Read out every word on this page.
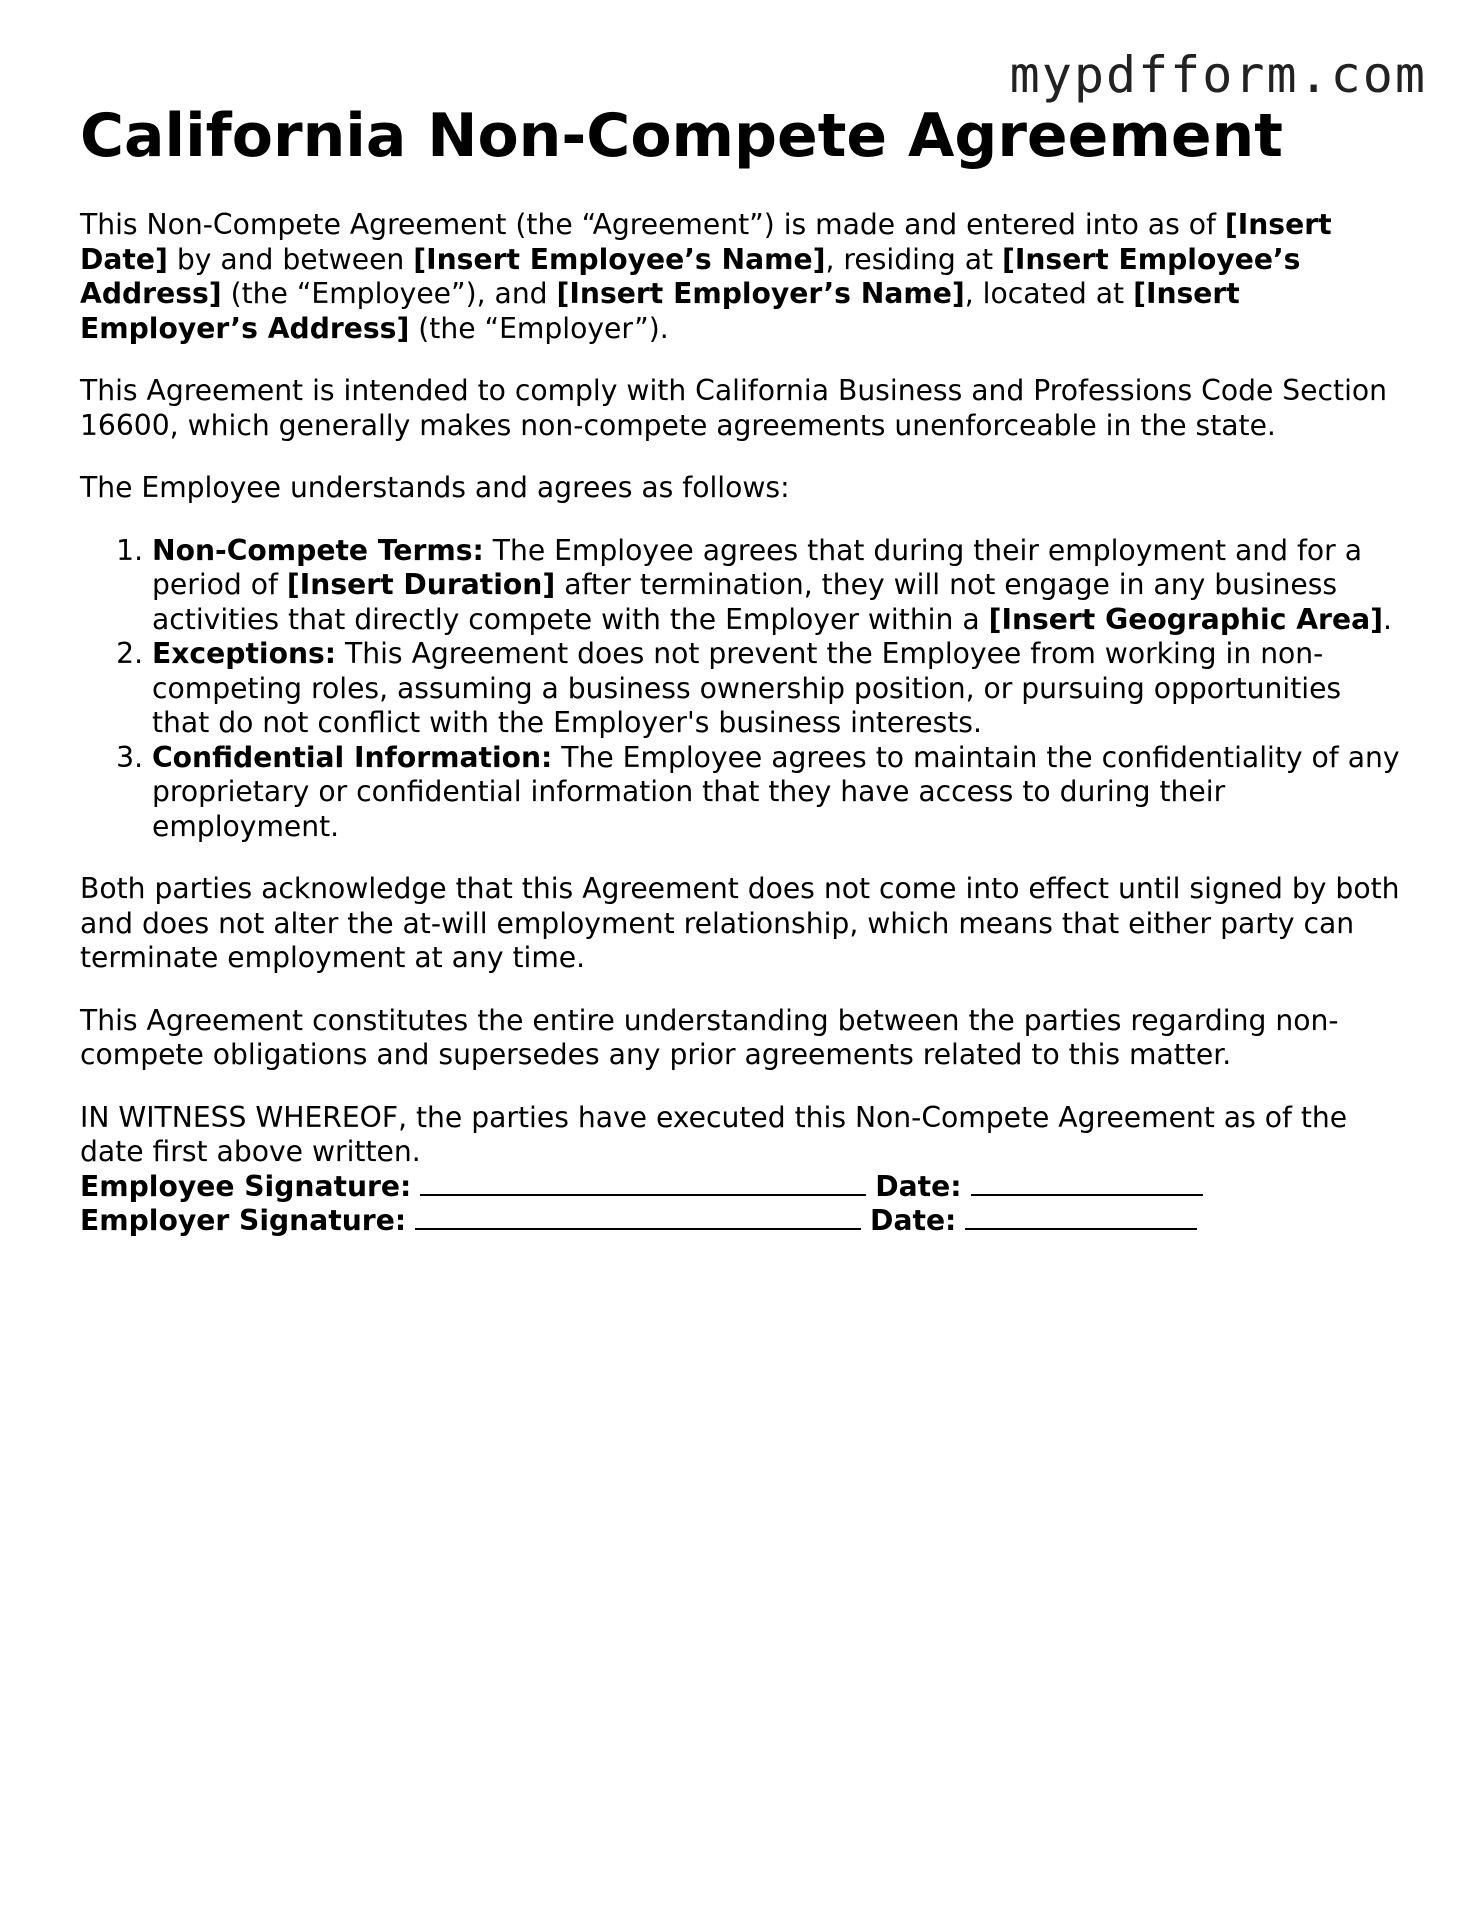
mypdfform.com
California Non-Compete Agreement

This Non-Compete Agreement (the “Agreement”) is made and entered into as of [Insert Date] by and between [Insert Employee’s Name], residing at [Insert Employee’s Address] (the “Employee”), and [Insert Employer’s Name], located at [Insert Employer’s Address] (the “Employer”).

This Agreement is intended to comply with California Business and Professions Code Section 16600, which generally makes non-compete agreements unenforceable in the state.

The Employee understands and agrees as follows:

1. Non-Compete Terms: The Employee agrees that during their employment and for a period of [Insert Duration] after termination, they will not engage in any business activities that directly compete with the Employer within a [Insert Geographic Area].
2. Exceptions: This Agreement does not prevent the Employee from working in non-competing roles, assuming a business ownership position, or pursuing opportunities that do not conflict with the Employer's business interests.
3. Confidential Information: The Employee agrees to maintain the confidentiality of any proprietary or confidential information that they have access to during their employment.

Both parties acknowledge that this Agreement does not come into effect until signed by both and does not alter the at-will employment relationship, which means that either party can terminate employment at any time.

This Agreement constitutes the entire understanding between the parties regarding non-compete obligations and supersedes any prior agreements related to this matter.

IN WITNESS WHEREOF, the parties have executed this Non-Compete Agreement as of the date first above written.

Employee Signature:	Date:

Employer Signature:	Date:
